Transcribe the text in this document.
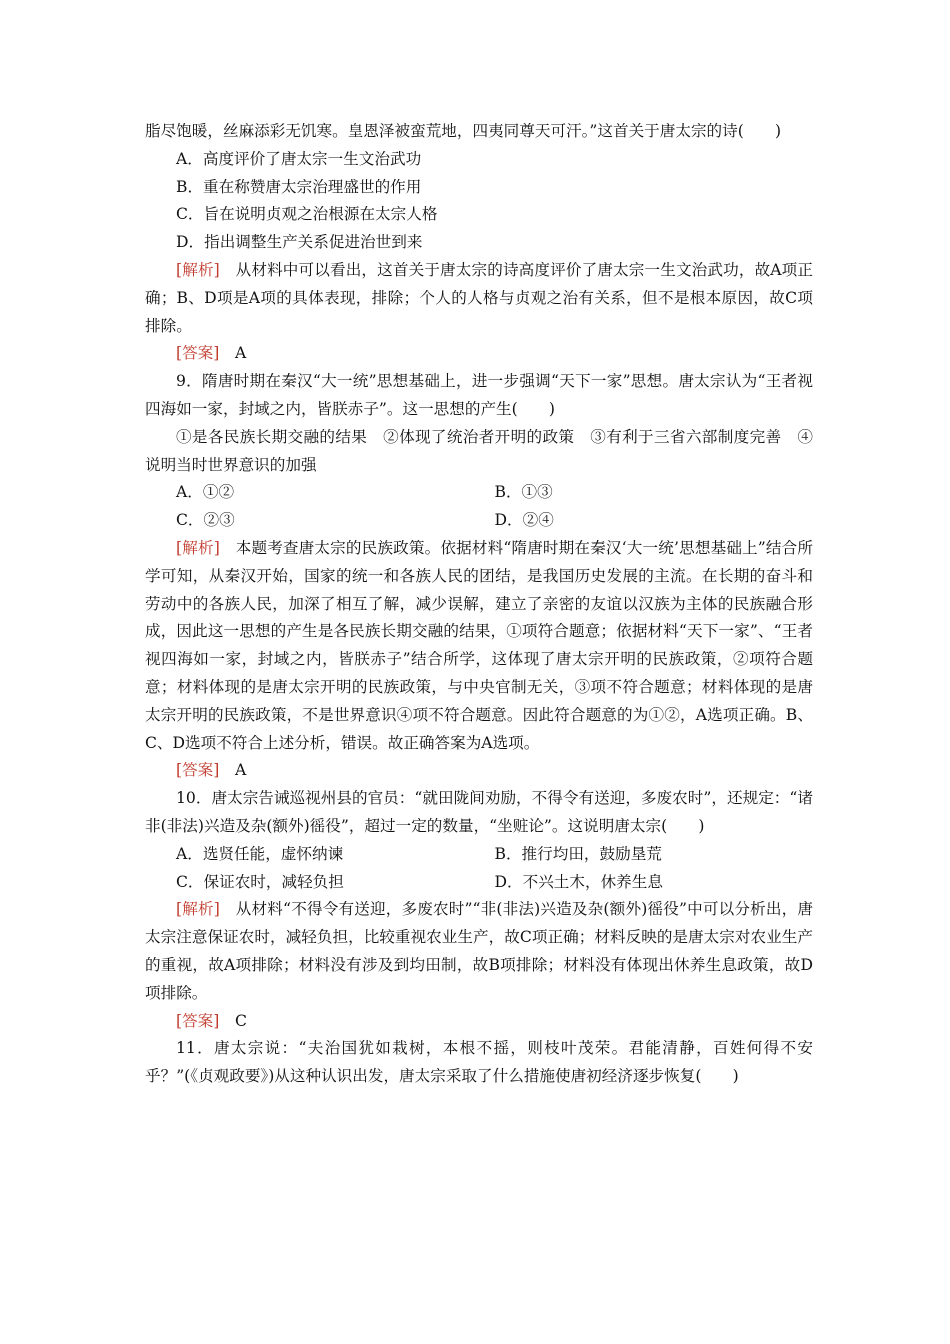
脂尽饱暖，丝麻添彩无饥寒。皇恩泽被蛮荒地，四夷同尊天可汗。”这首关于唐太宗的诗(　　)

A．高度评价了唐太宗一生文治武功

B．重在称赞唐太宗治理盛世的作用

C．旨在说明贞观之治根源在太宗人格

D．指出调整生产关系促进治世到来

[解析]　从材料中可以看出，这首关于唐太宗的诗高度评价了唐太宗一生文治武功，故A项正确；B、D项是A项的具体表现，排除；个人的人格与贞观之治有关系，但不是根本原因，故C项排除。

[答案]　A

9．隋唐时期在秦汉“大一统”思想基础上，进一步强调“天下一家”思想。唐太宗认为“王者视四海如一家，封域之内，皆朕赤子”。这一思想的产生(　　)

①是各民族长期交融的结果　②体现了统治者开明的政策　③有利于三省六部制度完善　④说明当时世界意识的加强

A．①②	B．①③
C．②③	D．②④

[解析]　本题考查唐太宗的民族政策。依据材料“隋唐时期在秦汉‘大一统’思想基础上”结合所学可知，从秦汉开始，国家的统一和各族人民的团结，是我国历史发展的主流。在长期的奋斗和劳动中的各族人民，加深了相互了解，减少误解，建立了亲密的友谊以汉族为主体的民族融合形成，因此这一思想的产生是各民族长期交融的结果，①项符合题意；依据材料“天下一家”、“王者视四海如一家，封域之内，皆朕赤子”结合所学，这体现了唐太宗开明的民族政策，②项符合题意；材料体现的是唐太宗开明的民族政策，与中央官制无关，③项不符合题意；材料体现的是唐太宗开明的民族政策，不是世界意识④项不符合题意。因此符合题意的为①②，A选项正确。B、C、D选项不符合上述分析，错误。故正确答案为A选项。

[答案]　A

10．唐太宗告诫巡视州县的官员：“就田陇间劝励，不得令有送迎，多废农时”，还规定：“诸非(非法)兴造及杂(额外)徭役”，超过一定的数量，“坐赃论”。这说明唐太宗(　　)

A．选贤任能，虚怀纳谏	B．推行均田，鼓励垦荒
C．保证农时，减轻负担	D．不兴土木，休养生息

[解析]　从材料“不得令有送迎，多废农时”“非(非法)兴造及杂(额外)徭役”中可以分析出，唐太宗注意保证农时，减轻负担，比较重视农业生产，故C项正确；材料反映的是唐太宗对农业生产的重视，故A项排除；材料没有涉及到均田制，故B项排除；材料没有体现出休养生息政策，故D项排除。

[答案]　C

11．唐太宗说：“夫治国犹如栽树，本根不摇，则枝叶茂荣。君能清静，百姓何得不安乎？”(《贞观政要》)从这种认识出发，唐太宗采取了什么措施使唐初经济逐步恢复(　　)
